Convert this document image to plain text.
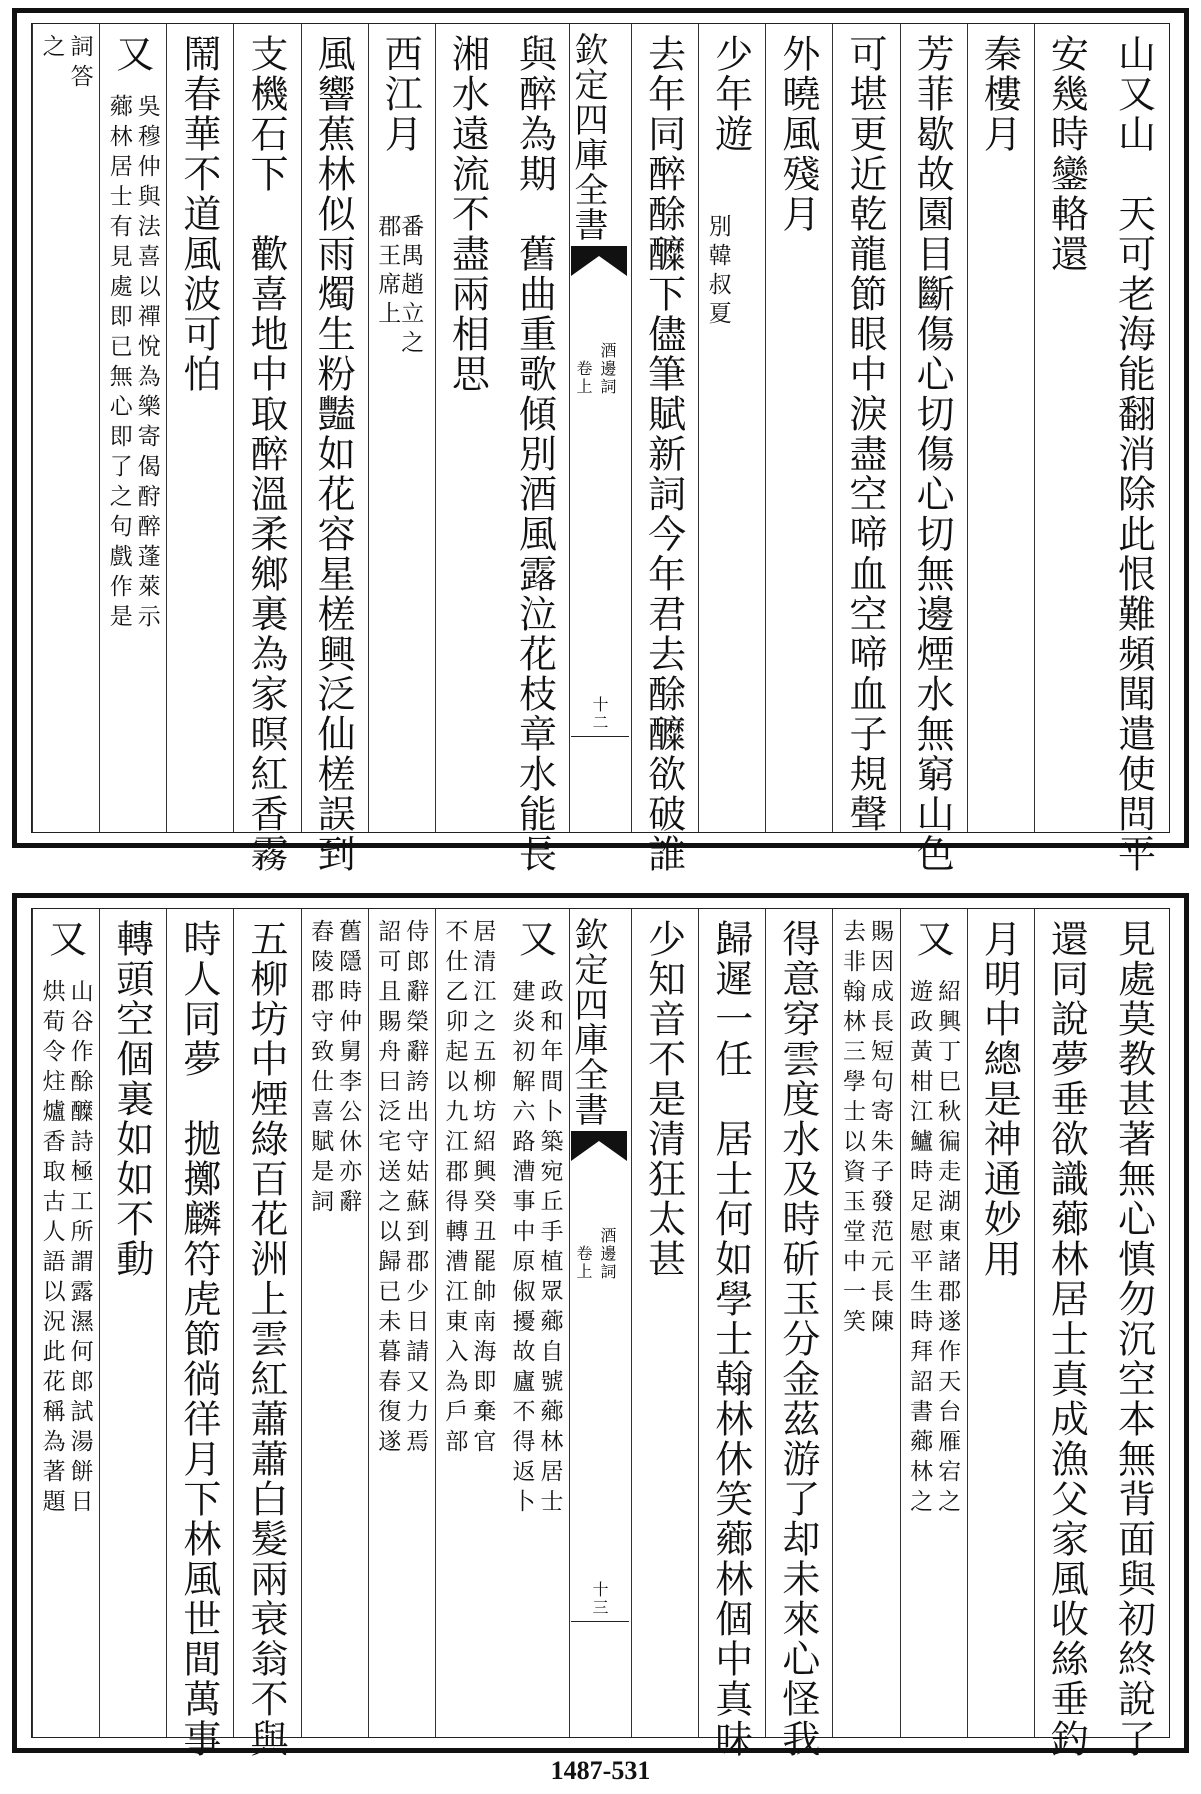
山又山　天可老海能翻消除此恨難頻聞遣使問平
安幾時鑾輅還
秦樓月
芳菲歇故園目斷傷心切傷心切無邊煙水無窮山色
可堪更近乾龍節眼中淚盡空啼血空啼血子規聲
外曉風殘月
少年遊
別韓叔夏
去年同醉酴醾下儘筆賦新詞今年君去酴醾欲破誰
與醉為期　舊曲重歌傾別酒風露泣花枝章水能長
湘水遠流不盡兩相思
西江月
番禺趙立之郡王席上
風響蕉林似雨燭生粉豔如花容星槎興泛仙槎誤到
支機石下　歡喜地中取醉溫柔鄉裏為家暝紅香霧
鬧春華不道風波可怕
又
吳穆仲與法喜以禪悅為樂寄偈酧醉蓬萊示
薌林居士有見處即已無心即了之句戲作是
詞答
之	欽定四庫全書
酒邊詞
卷上
十二
見處莫教甚著無心慎勿沉空本無背面與初終說了
還同說夢垂欲識薌林居士真成漁父家風收絲垂釣
月明中總是神通妙用
又
紹興丁巳秋徧走湖東諸郡遂作天台雁宕之
遊政黃柑江鱸時足慰平生時拜詔書薌林之
賜因成長短句寄朱子發范元長陳
去非翰林三學士以資玉堂中一笑
得意穿雲度水及時斫玉分金茲游了却未來心怪我
歸遲一任　居士何如學士翰林休笑薌林個中真味
少知音不是清狂太甚
又
政和年間卜築宛丘手植眾薌自號薌林居士
建炎初解六路漕事中原俶擾故廬不得返卜
居清江之五柳坊紹興癸丑罷帥南海即棄官
不仕乙卯起以九江郡得轉漕江東入為戶部
侍郎辭榮辭誇出守姑蘇到郡少日請又力焉
詔可且賜舟曰泛宅送之以歸已未暮春復遂
舊隱時仲舅李公休亦辭
舂陵郡守致仕喜賦是詞
五柳坊中煙綠百花洲上雲紅蕭蕭白髮兩衰翁不與
時人同夢　拋擲麟符虎節徜徉月下林風世間萬事
轉頭空個裏如如不動
又
山谷作酴醾詩極工所謂露濕何郎試湯餅日
烘荀令炷爐香取古人語以況此花稱為著題	欽定四庫全書
酒邊詞
卷上
十三
1487-531
